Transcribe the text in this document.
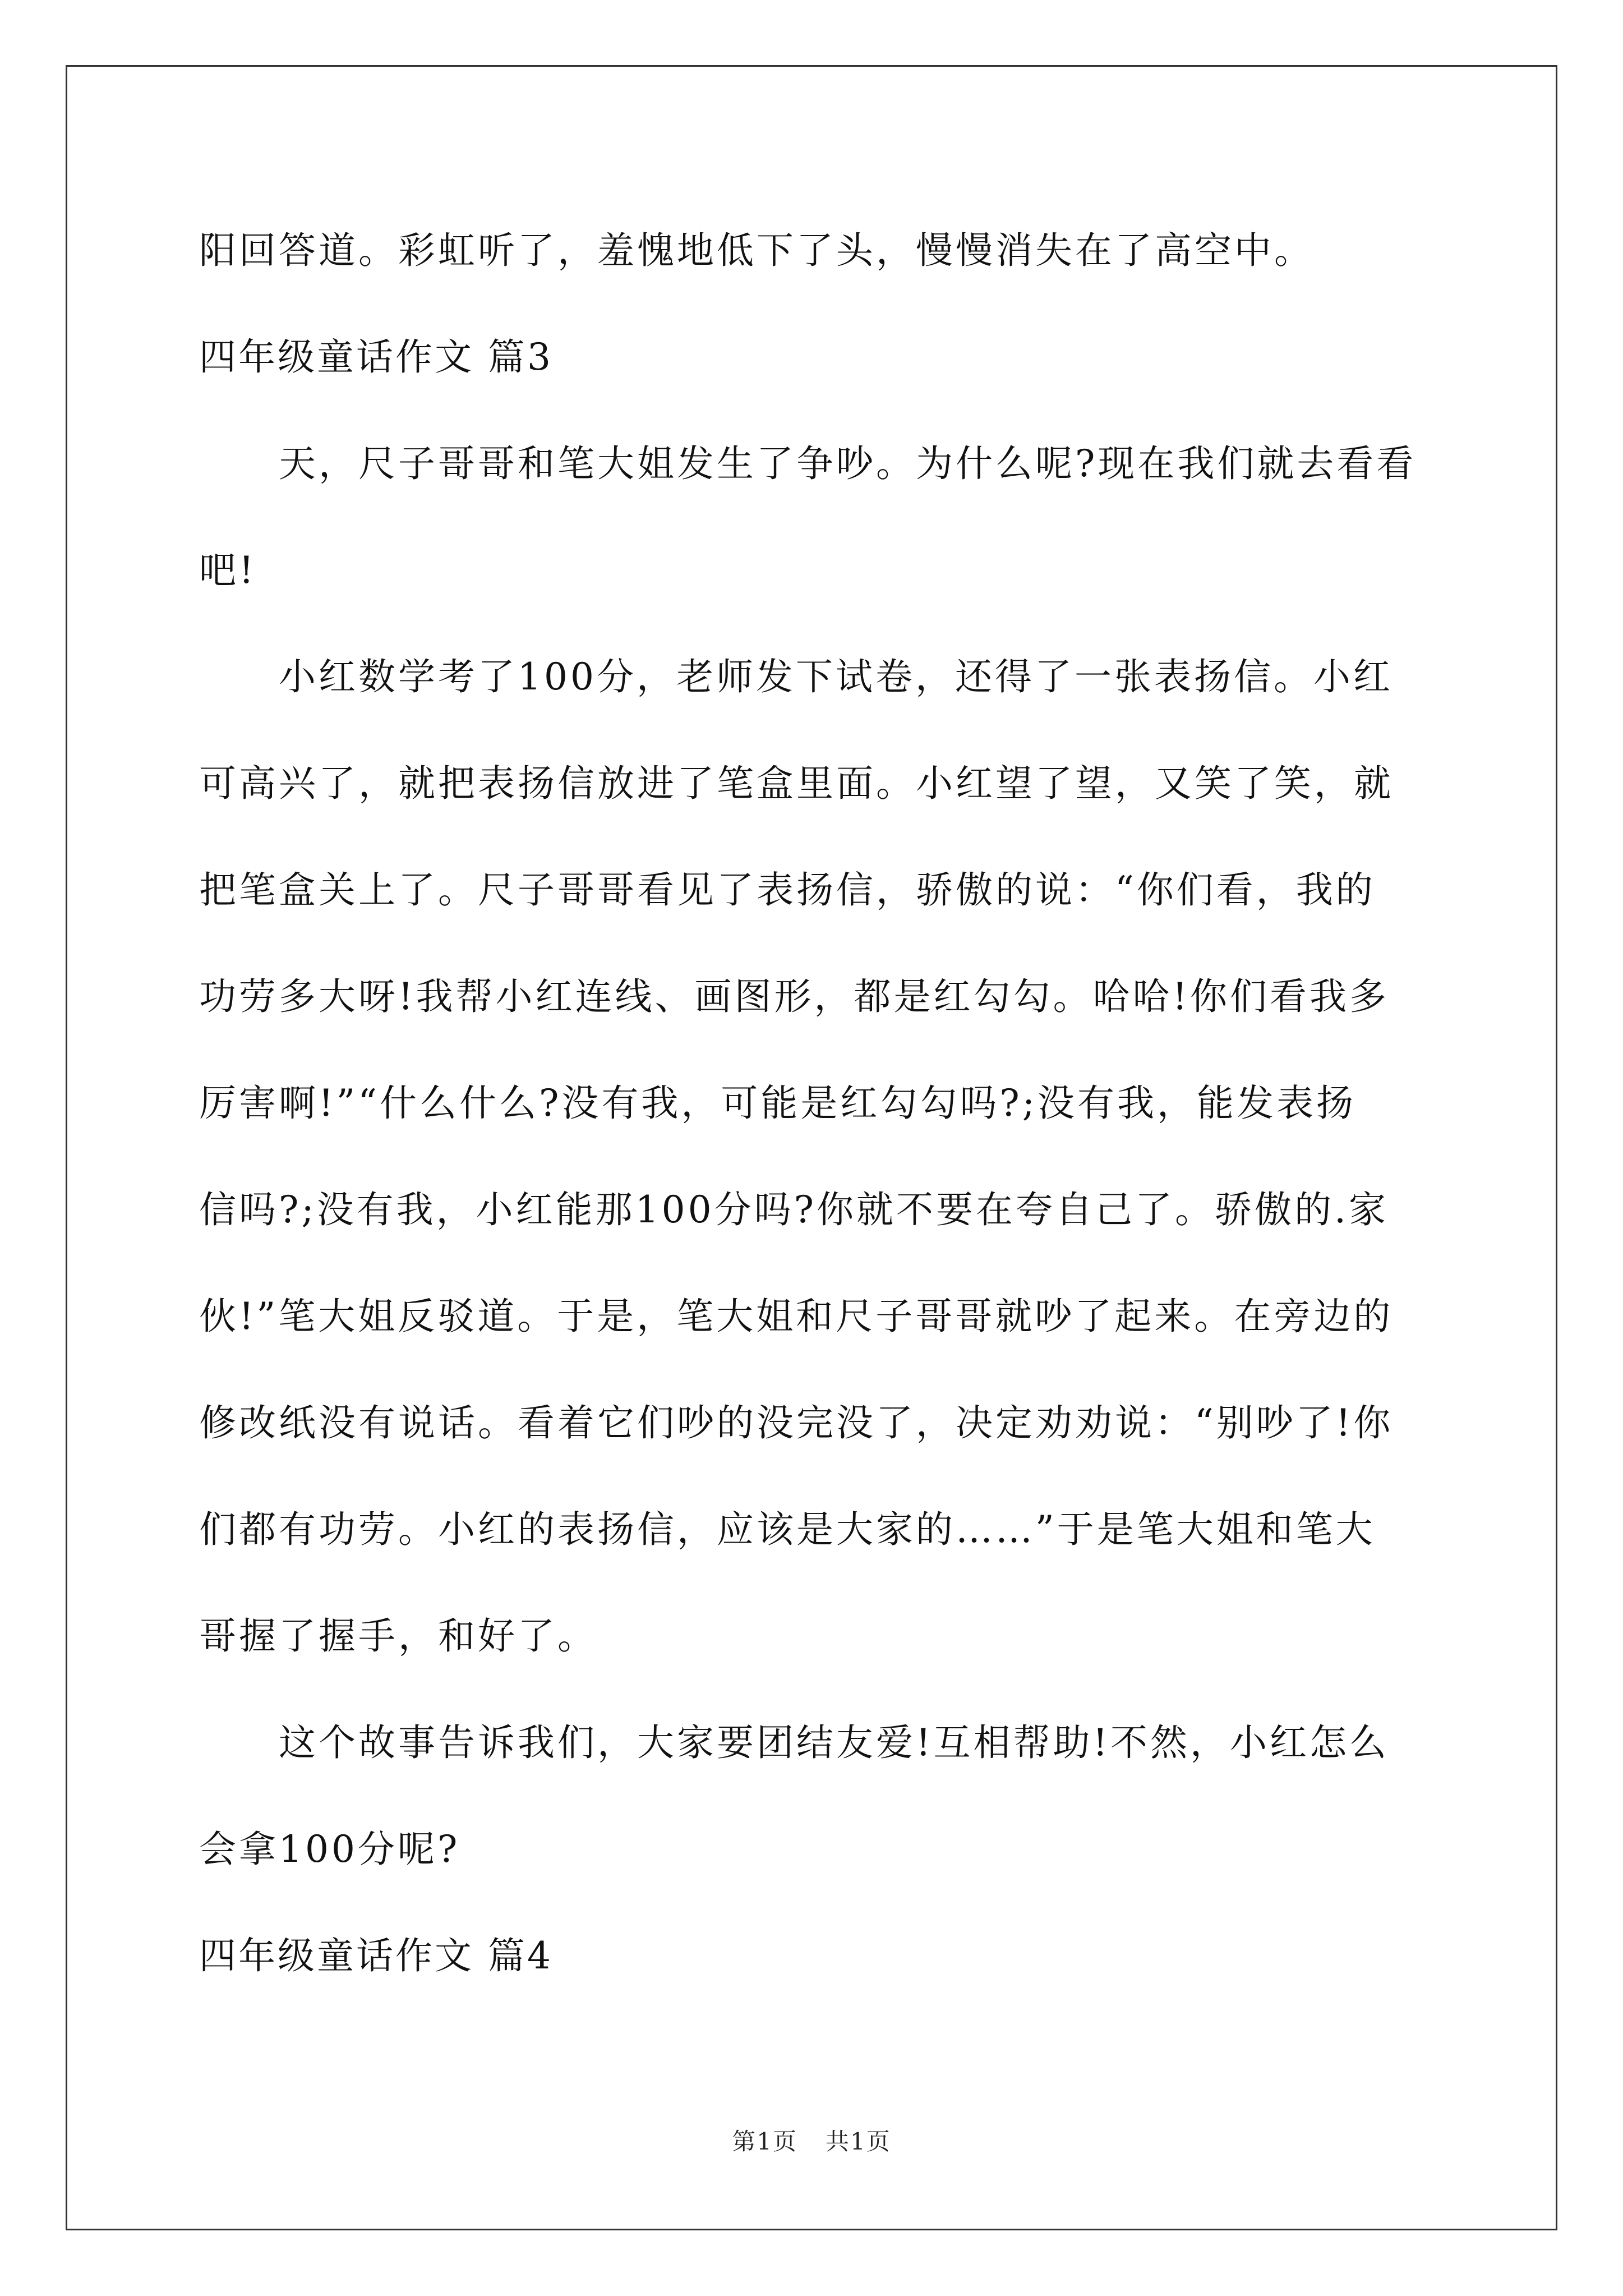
阳回答道。彩虹听了，羞愧地低下了头，慢慢消失在了高空中。
四年级童话作文 篇3
　　天，尺子哥哥和笔大姐发生了争吵。为什么呢?现在我们就去看看
吧!
　　小红数学考了100分，老师发下试卷，还得了一张表扬信。小红
可高兴了，就把表扬信放进了笔盒里面。小红望了望，又笑了笑，就
把笔盒关上了。尺子哥哥看见了表扬信，骄傲的说：“你们看，我的
功劳多大呀!我帮小红连线、画图形，都是红勾勾。哈哈!你们看我多
厉害啊!”“什么什么?没有我，可能是红勾勾吗?;没有我，能发表扬
信吗?;没有我，小红能那100分吗?你就不要在夸自己了。骄傲的.家
伙!”笔大姐反驳道。于是，笔大姐和尺子哥哥就吵了起来。在旁边的
修改纸没有说话。看着它们吵的没完没了，决定劝劝说：“别吵了!你
们都有功劳。小红的表扬信，应该是大家的……”于是笔大姐和笔大
哥握了握手，和好了。
　　这个故事告诉我们，大家要团结友爱!互相帮助!不然，小红怎么
会拿100分呢?
四年级童话作文 篇4
第1页 共1页
